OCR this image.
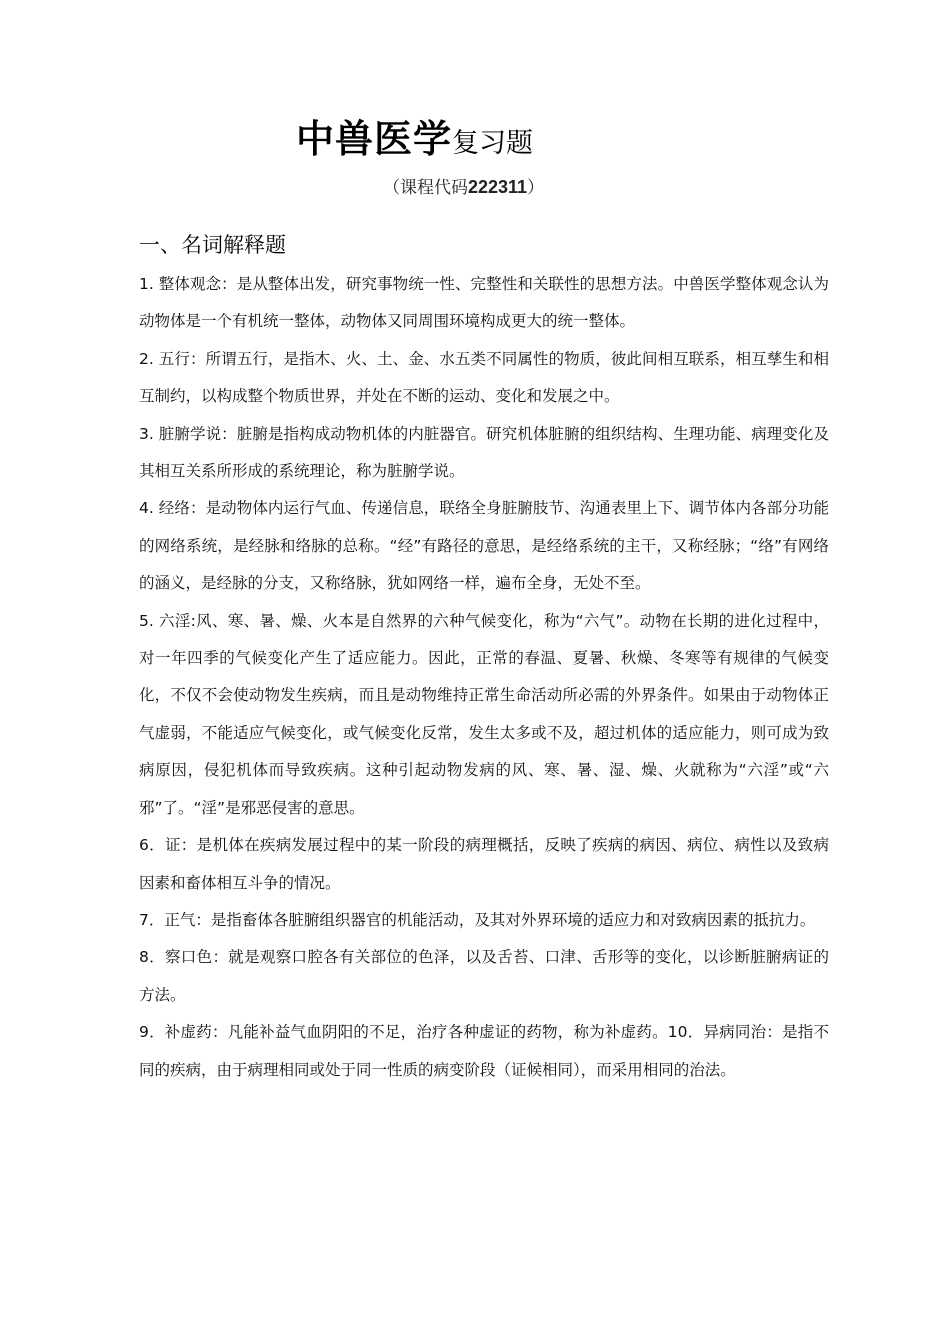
中兽医学复习题
（课程代码222311）
一、名词解释题

1. 整体观念：是从整体出发，研究事物统一性、完整性和关联性的思想方法。中兽医学整体观念认为动物体是一个有机统一整体，动物体又同周围环境构成更大的统一整体。

2. 五行：所谓五行，是指木、火、土、金、水五类不同属性的物质，彼此间相互联系，相互孳生和相互制约，以构成整个物质世界，并处在不断的运动、变化和发展之中。

3. 脏腑学说：脏腑是指构成动物机体的内脏器官。研究机体脏腑的组织结构、生理功能、病理变化及其相互关系所形成的系统理论，称为脏腑学说。

4. 经络：是动物体内运行气血、传递信息，联络全身脏腑肢节、沟通表里上下、调节体内各部分功能的网络系统，是经脉和络脉的总称。“经”有路径的意思，是经络系统的主干，又称经脉；“络”有网络的涵义，是经脉的分支，又称络脉，犹如网络一样，遍布全身，无处不至。

5. 六淫:风、寒、暑、燥、火本是自然界的六种气候变化，称为“六气”。动物在长期的进化过程中，对一年四季的气候变化产生了适应能力。因此，正常的春温、夏暑、秋燥、冬寒等有规律的气候变化，不仅不会使动物发生疾病，而且是动物维持正常生命活动所必需的外界条件。如果由于动物体正气虚弱，不能适应气候变化，或气候变化反常，发生太多或不及，超过机体的适应能力，则可成为致病原因，侵犯机体而导致疾病。这种引起动物发病的风、寒、暑、湿、燥、火就称为“六淫”或“六邪”了。“淫”是邪恶侵害的意思。

6．证：是机体在疾病发展过程中的某一阶段的病理概括，反映了疾病的病因、病位、病性以及致病因素和畜体相互斗争的情况。

7．正气：是指畜体各脏腑组织器官的机能活动，及其对外界环境的适应力和对致病因素的抵抗力。

8．察口色：就是观察口腔各有关部位的色泽，以及舌苔、口津、舌形等的变化，以诊断脏腑病证的方法。

9．补虚药：凡能补益气血阴阳的不足，治疗各种虚证的药物，称为补虚药。10．异病同治：是指不同的疾病，由于病理相同或处于同一性质的病变阶段（证候相同），而采用相同的治法。
